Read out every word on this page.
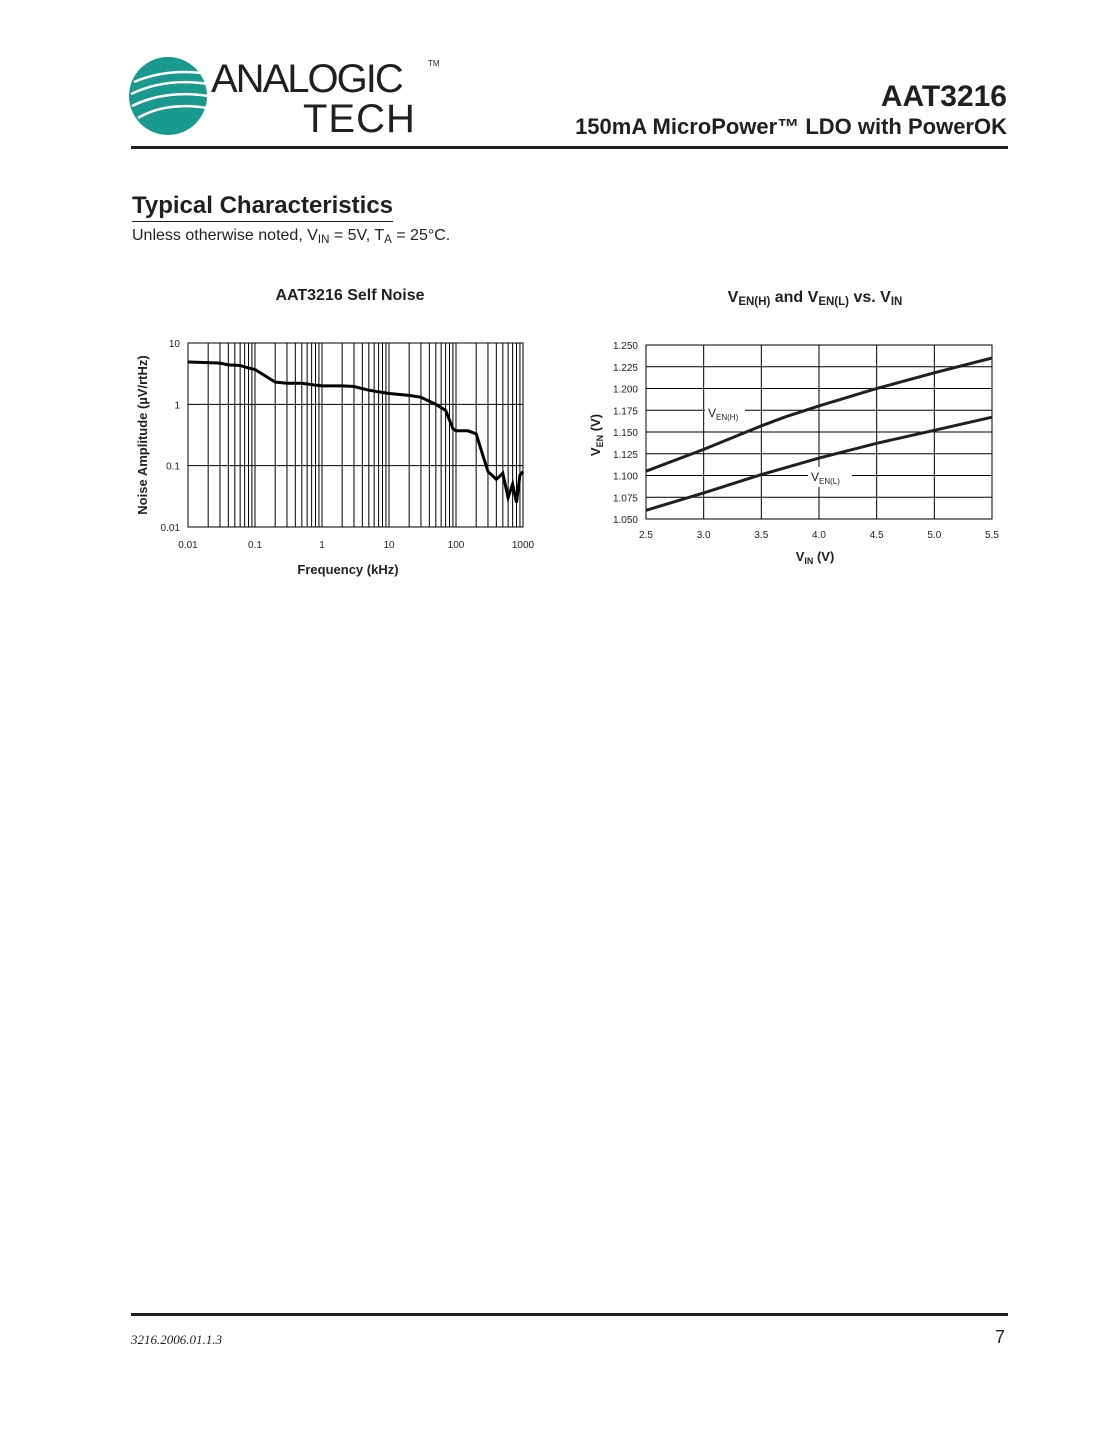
ANALOGIC	TM
TECH
AAT3216
150mA MicroPower™ LDO with PowerOK
Typical Characteristics
Unless otherwise noted, $V_{IN} = 5V$, $T_A = 25^\circ C$.
AAT3216 Self Noise
0.01	0.1	1	10	100	1000
0.01
0.1
1
10
Frequency (kHz)
Noise Amplitude (µV/rtHz)
$V_{EN(H)}$ and $V_{EN(L)}$ vs. $V_{IN}$
2.5	3.0	3.5	4.0	4.5	5.0	5.5
1.050
1.075
1.100
1.125
1.150
1.175
1.200
1.225
1.250
$V_{EN(H)}$
$V_{EN(L)}$
$V_{IN}$ (V)
$V_{EN}$ (V)
3216.2006.01.1.3	7
